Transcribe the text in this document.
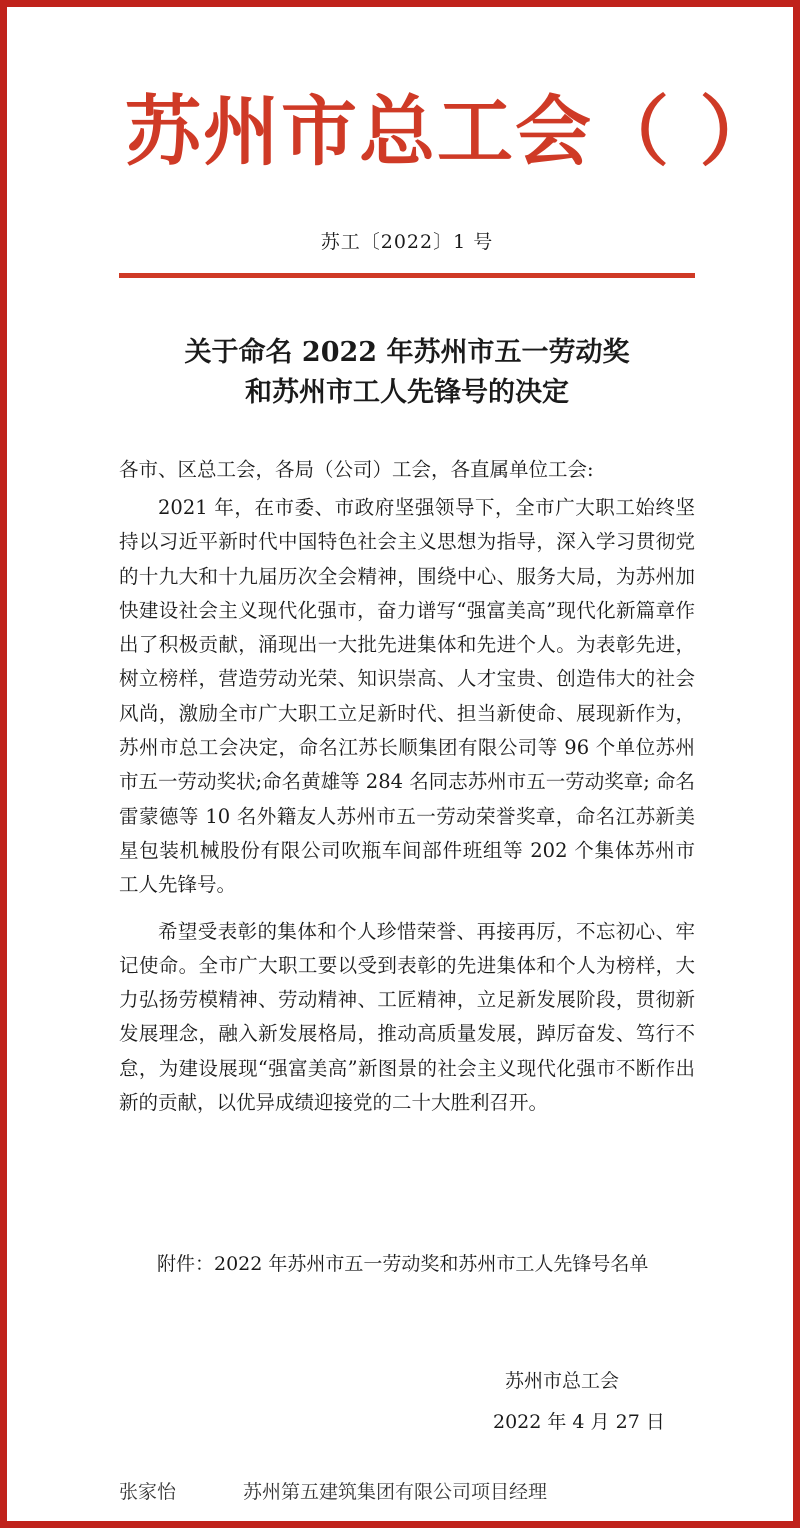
苏州市总工会（ ）
苏工〔2022〕1 号
关于命名 2022 年苏州市五一劳动奖
和苏州市工人先锋号的决定
各市、区总工会，各局（公司）工会，各直属单位工会:

2021 年，在市委、市政府坚强领导下，全市广大职工始终坚持以习近平新时代中国特色社会主义思想为指导，深入学习贯彻党的十九大和十九届历次全会精神，围绕中心、服务大局，为苏州加快建设社会主义现代化强市，奋力谱写“强富美高”现代化新篇章作出了积极贡献，涌现出一大批先进集体和先进个人。为表彰先进，树立榜样，营造劳动光荣、知识崇高、人才宝贵、创造伟大的社会风尚，激励全市广大职工立足新时代、担当新使命、展现新作为，苏州市总工会决定，命名江苏长顺集团有限公司等 96 个单位苏州市五一劳动奖状;命名黄雄等 284 名同志苏州市五一劳动奖章; 命名雷蒙德等 10 名外籍友人苏州市五一劳动荣誉奖章，命名江苏新美星包装机械股份有限公司吹瓶车间部件班组等 202 个集体苏州市工人先锋号。

希望受表彰的集体和个人珍惜荣誉、再接再厉，不忘初心、牢记使命。全市广大职工要以受到表彰的先进集体和个人为榜样，大力弘扬劳模精神、劳动精神、工匠精神，立足新发展阶段，贯彻新发展理念，融入新发展格局，推动高质量发展，踔厉奋发、笃行不怠，为建设展现“强富美高”新图景的社会主义现代化强市不断作出新的贡献，以优异成绩迎接党的二十大胜利召开。

附件：2022 年苏州市五一劳动奖和苏州市工人先锋号名单
苏州市总工会
2022 年 4 月 27 日
张家怡	苏州第五建筑集团有限公司项目经理
